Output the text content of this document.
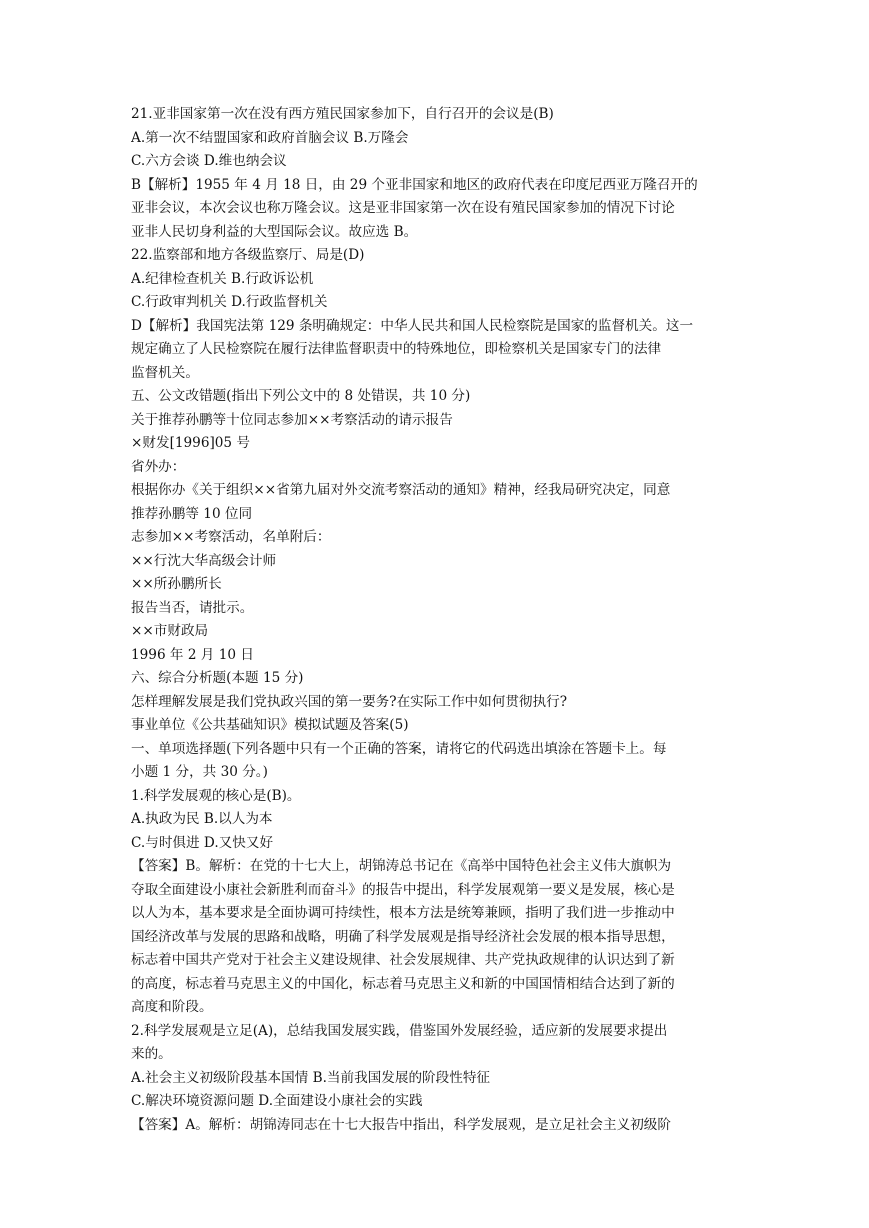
21.亚非国家第一次在没有西方殖民国家参加下，自行召开的会议是(B)
A.第一次不结盟国家和政府首脑会议 B.万隆会
C.六方会谈 D.维也纳会议
B【解析】1955 年 4 月 18 日，由 29 个亚非国家和地区的政府代表在印度尼西亚万隆召开的
亚非会议，本次会议也称万隆会议。这是亚非国家第一次在设有殖民国家参加的情况下讨论
亚非人民切身利益的大型国际会议。故应选 B。
22.监察部和地方各级监察厅、局是(D)
A.纪律检查机关 B.行政诉讼机
C.行政审判机关 D.行政监督机关
D【解析】我国宪法第 129 条明确规定：中华人民共和国人民检察院是国家的监督机关。这一
规定确立了人民检察院在履行法律监督职责中的特殊地位，即检察机关是国家专门的法律
监督机关。
五、公文改错题(指出下列公文中的 8 处错误，共 10 分)
关于推荐孙鹏等十位同志参加××考察活动的请示报告
×财发[1996]05 号
省外办：
根据你办《关于组织××省第九届对外交流考察活动的通知》精神，经我局研究决定，同意
推荐孙鹏等 10 位同
志参加××考察活动，名单附后：
××行沈大华高级会计师
××所孙鹏所长
报告当否，请批示。
××市财政局
1996 年 2 月 10 日
六、综合分析题(本题 15 分)
怎样理解发展是我们党执政兴国的第一要务?在实际工作中如何贯彻执行?
事业单位《公共基础知识》模拟试题及答案(5)
一、单项选择题(下列各题中只有一个正确的答案，请将它的代码选出填涂在答题卡上。每
小题 1 分，共 30 分。)
1.科学发展观的核心是(B)。
A.执政为民 B.以人为本
C.与时俱进 D.又快又好
【答案】B。解析：在党的十七大上，胡锦涛总书记在《高举中国特色社会主义伟大旗帜为
夺取全面建设小康社会新胜利而奋斗》的报告中提出，科学发展观第一要义是发展，核心是
以人为本，基本要求是全面协调可持续性，根本方法是统筹兼顾，指明了我们进一步推动中
国经济改革与发展的思路和战略，明确了科学发展观是指导经济社会发展的根本指导思想，
标志着中国共产党对于社会主义建设规律、社会发展规律、共产党执政规律的认识达到了新
的高度，标志着马克思主义的中国化，标志着马克思主义和新的中国国情相结合达到了新的
高度和阶段。
2.科学发展观是立足(A)，总结我国发展实践，借鉴国外发展经验，适应新的发展要求提出
来的。
A.社会主义初级阶段基本国情 B.当前我国发展的阶段性特征
C.解决环境资源问题 D.全面建设小康社会的实践
【答案】A。解析：胡锦涛同志在十七大报告中指出，科学发展观，是立足社会主义初级阶
